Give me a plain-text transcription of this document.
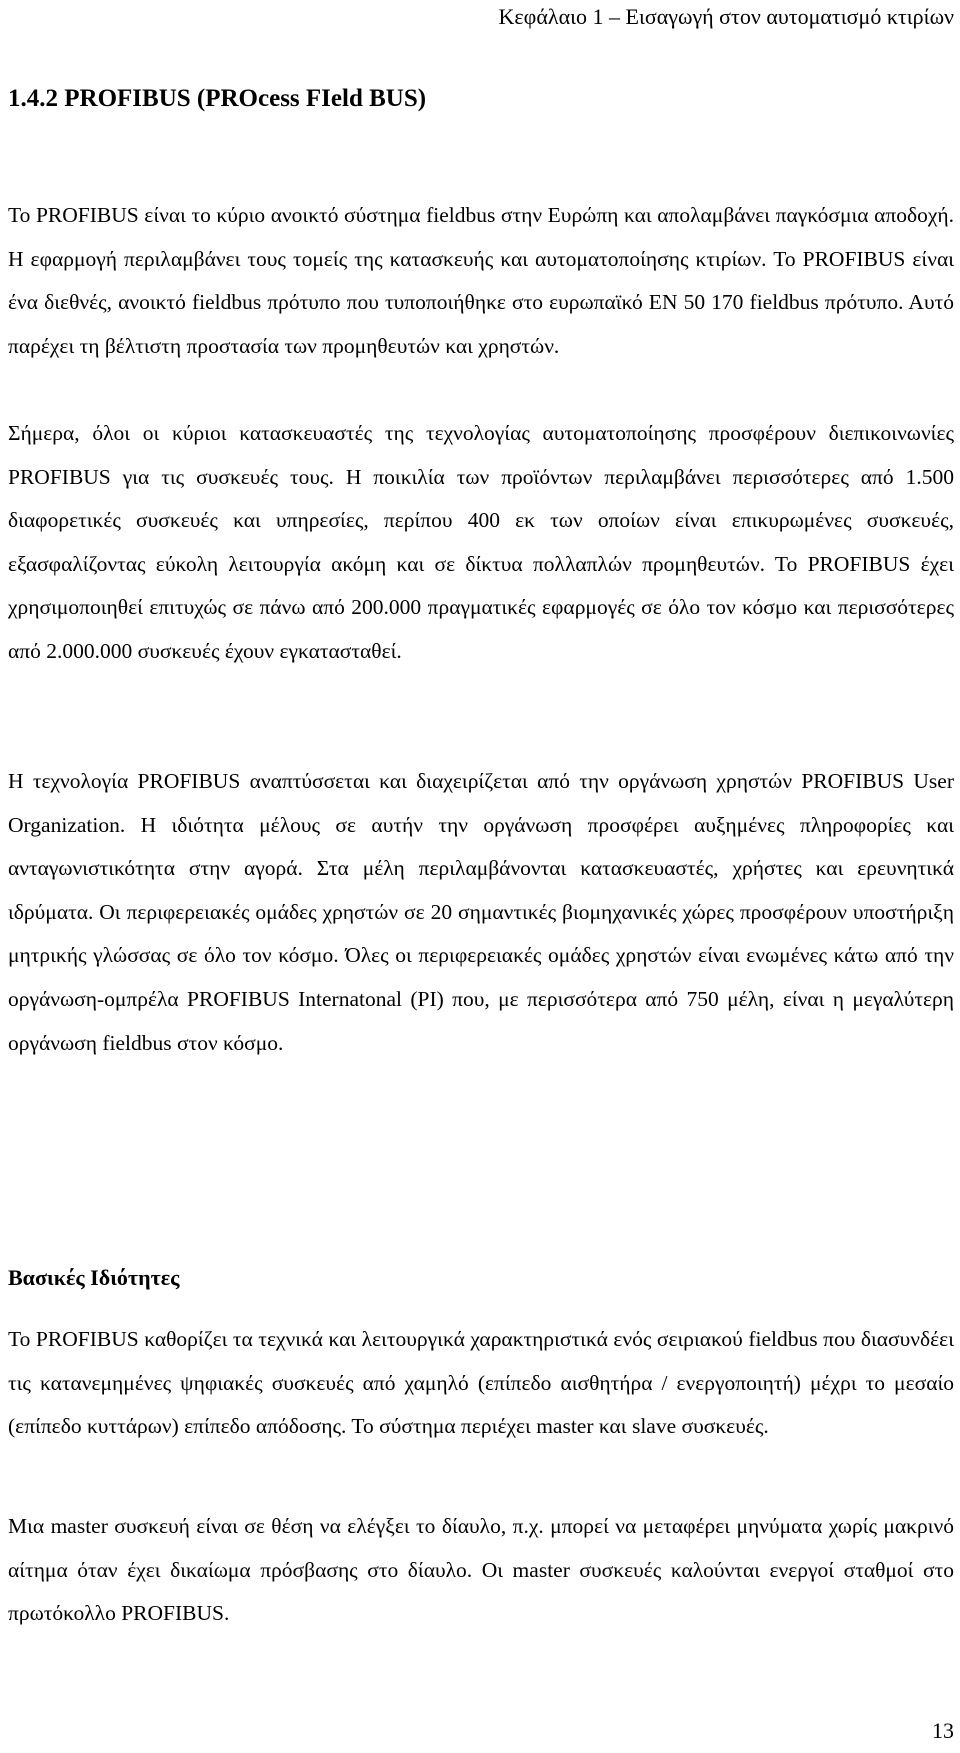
Κεφάλαιο 1 – Εισαγωγή στον αυτοματισμό κτιρίων
1.4.2 PROFIBUS (PROcess FIeld BUS)

Το PROFIBUS είναι το κύριο ανοικτό σύστημα fieldbus στην Ευρώπη και απολαμβάνει παγκόσμια αποδοχή. Η εφαρμογή περιλαμβάνει τους τομείς της κατασκευής και αυτοματοποίησης κτιρίων. Το PROFIBUS είναι ένα διεθνές, ανοικτό fieldbus πρότυπο που τυποποιήθηκε στο ευρωπαϊκό EN 50 170 fieldbus πρότυπο. Αυτό παρέχει τη βέλτιστη προστασία των προμηθευτών και χρηστών.

Σήμερα, όλοι οι κύριοι κατασκευαστές της τεχνολογίας αυτοματοποίησης προσφέρουν διεπικοινωνίες PROFIBUS για τις συσκευές τους. Η ποικιλία των προϊόντων περιλαμβάνει περισσότερες από 1.500 διαφορετικές συσκευές και υπηρεσίες, περίπου 400 εκ των οποίων είναι επικυρωμένες συσκευές, εξασφαλίζοντας εύκολη λειτουργία ακόμη και σε δίκτυα πολλαπλών προμηθευτών. Το PROFIBUS έχει χρησιμοποιηθεί επιτυχώς σε πάνω από 200.000 πραγματικές εφαρμογές σε όλο τον κόσμο και περισσότερες από 2.000.000 συσκευές έχουν εγκατασταθεί.

Η τεχνολογία PROFIBUS αναπτύσσεται και διαχειρίζεται από την οργάνωση χρηστών PROFIBUS User Organization. Η ιδιότητα μέλους σε αυτήν την οργάνωση προσφέρει αυξημένες πληροφορίες και ανταγωνιστικότητα στην αγορά. Στα μέλη περιλαμβάνονται κατασκευαστές, χρήστες και ερευνητικά ιδρύματα. Οι περιφερειακές ομάδες χρηστών σε 20 σημαντικές βιομηχανικές χώρες προσφέρουν υποστήριξη μητρικής γλώσσας σε όλο τον κόσμο. Όλες οι περιφερειακές ομάδες χρηστών είναι ενωμένες κάτω από την οργάνωση-ομπρέλα PROFIBUS Internatonal (PI) που, με περισσότερα από 750 μέλη, είναι η μεγαλύτερη οργάνωση fieldbus στον κόσμο.

Βασικές Ιδιότητες

Το PROFIBUS καθορίζει τα τεχνικά και λειτουργικά χαρακτηριστικά ενός σειριακού fieldbus που διασυνδέει τις κατανεμημένες ψηφιακές συσκευές από χαμηλό (επίπεδο αισθητήρα / ενεργοποιητή) μέχρι το μεσαίο (επίπεδο κυττάρων) επίπεδο απόδοσης. Το σύστημα περιέχει master και slave συσκευές.

Μια master συσκευή είναι σε θέση να ελέγξει το δίαυλο, π.χ. μπορεί να μεταφέρει μηνύματα χωρίς μακρινό αίτημα όταν έχει δικαίωμα πρόσβασης στο δίαυλο. Οι master συσκευές καλούνται ενεργοί σταθμοί στο πρωτόκολλο PROFIBUS.

13
